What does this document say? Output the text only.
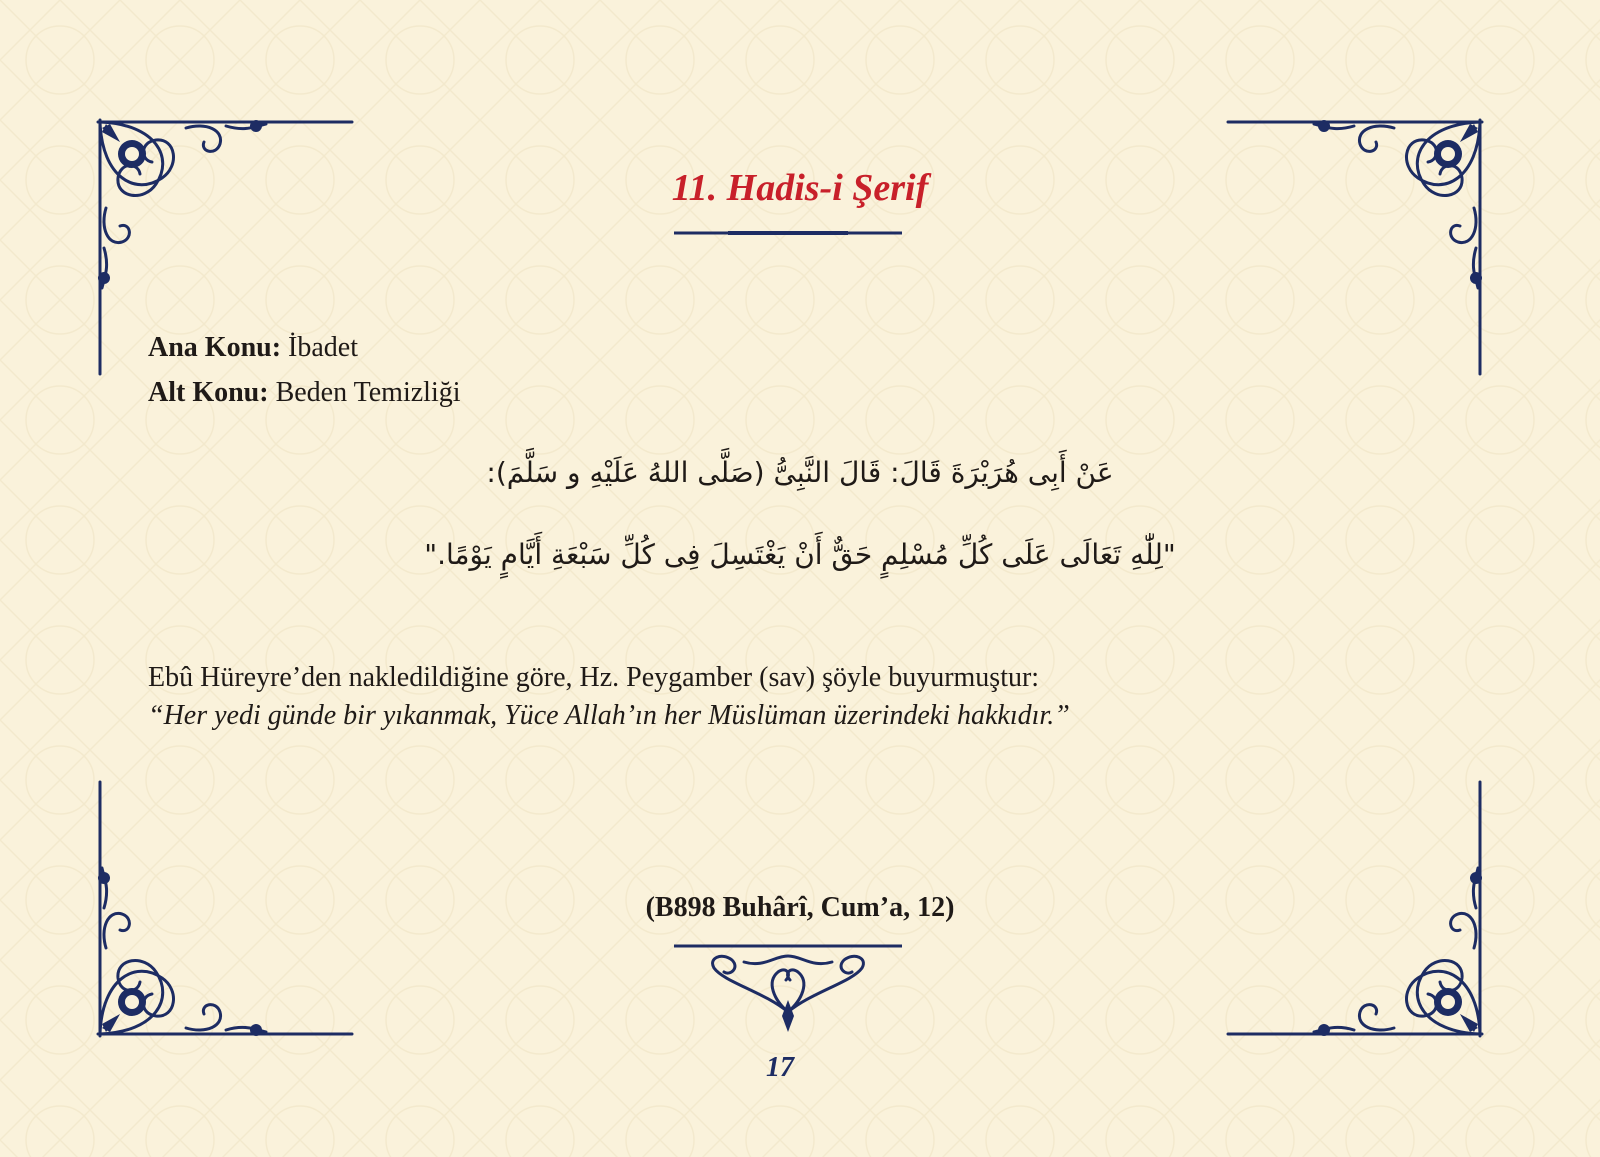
11. Hadis-i Şerif
Ana Konu: İbadet
Alt Konu: Beden Temizliği
عَنْ أَبِى هُرَيْرَةَ قَالَ: قَالَ النَّبِىُّ (صَلَّى اللهُ عَلَيْهِ و سَلَّمَ):
"لِلّٰهِ تَعَالَى عَلَى كُلِّ مُسْلِمٍ حَقٌّ أَنْ يَغْتَسِلَ فِى كُلِّ سَبْعَةِ أَيَّامٍ يَوْمًا."
Ebû Hüreyre’den nakledildiğine göre, Hz. Peygamber (sav) şöyle buyurmuştur:
“Her yedi günde bir yıkanmak, Yüce Allah’ın her Müslüman üzerindeki hakkıdır.”
(B898 Buhârî, Cum’a, 12)
17
